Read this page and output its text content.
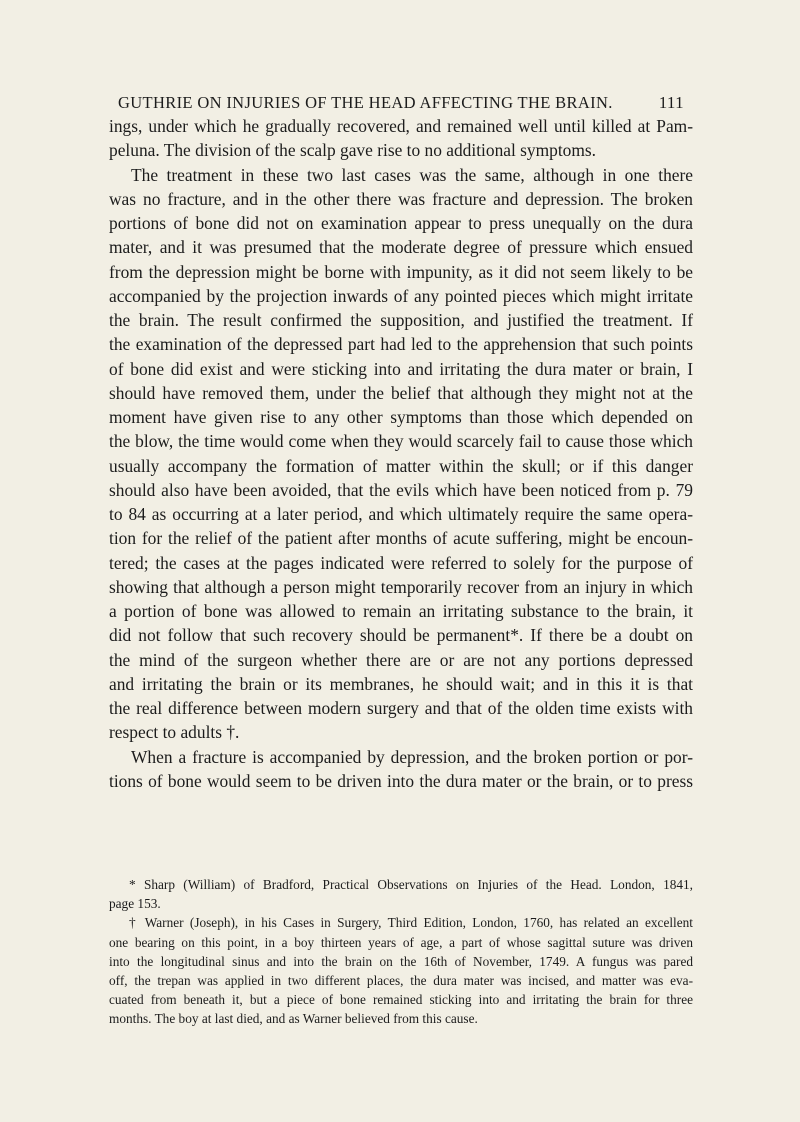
GUTHRIE ON INJURIES OF THE HEAD AFFECTING THE BRAIN.	111
ings, under which he gradually recovered, and remained well until killed at Pam-
peluna. The division of the scalp gave rise to no additional symptoms.
The treatment in these two last cases was the same, although in one there
was no fracture, and in the other there was fracture and depression. The broken
portions of bone did not on examination appear to press unequally on the dura
mater, and it was presumed that the moderate degree of pressure which ensued
from the depression might be borne with impunity, as it did not seem likely to be
accompanied by the projection inwards of any pointed pieces which might irritate
the brain. The result confirmed the supposition, and justified the treatment. If
the examination of the depressed part had led to the apprehension that such points
of bone did exist and were sticking into and irritating the dura mater or brain, I
should have removed them, under the belief that although they might not at the
moment have given rise to any other symptoms than those which depended on
the blow, the time would come when they would scarcely fail to cause those which
usually accompany the formation of matter within the skull; or if this danger
should also have been avoided, that the evils which have been noticed from p. 79
to 84 as occurring at a later period, and which ultimately require the same opera-
tion for the relief of the patient after months of acute suffering, might be encoun-
tered; the cases at the pages indicated were referred to solely for the purpose of
showing that although a person might temporarily recover from an injury in which
a portion of bone was allowed to remain an irritating substance to the brain, it
did not follow that such recovery should be permanent*. If there be a doubt on
the mind of the surgeon whether there are or are not any portions depressed
and irritating the brain or its membranes, he should wait; and in this it is that
the real difference between modern surgery and that of the olden time exists with
respect to adults †.
When a fracture is accompanied by depression, and the broken portion or por-
tions of bone would seem to be driven into the dura mater or the brain, or to press
* Sharp (William) of Bradford, Practical Observations on Injuries of the Head. London, 1841,
page 153.
† Warner (Joseph), in his Cases in Surgery, Third Edition, London, 1760, has related an excellent
one bearing on this point, in a boy thirteen years of age, a part of whose sagittal suture was driven
into the longitudinal sinus and into the brain on the 16th of November, 1749. A fungus was pared
off, the trepan was applied in two different places, the dura mater was incised, and matter was eva-
cuated from beneath it, but a piece of bone remained sticking into and irritating the brain for three
months. The boy at last died, and as Warner believed from this cause.
